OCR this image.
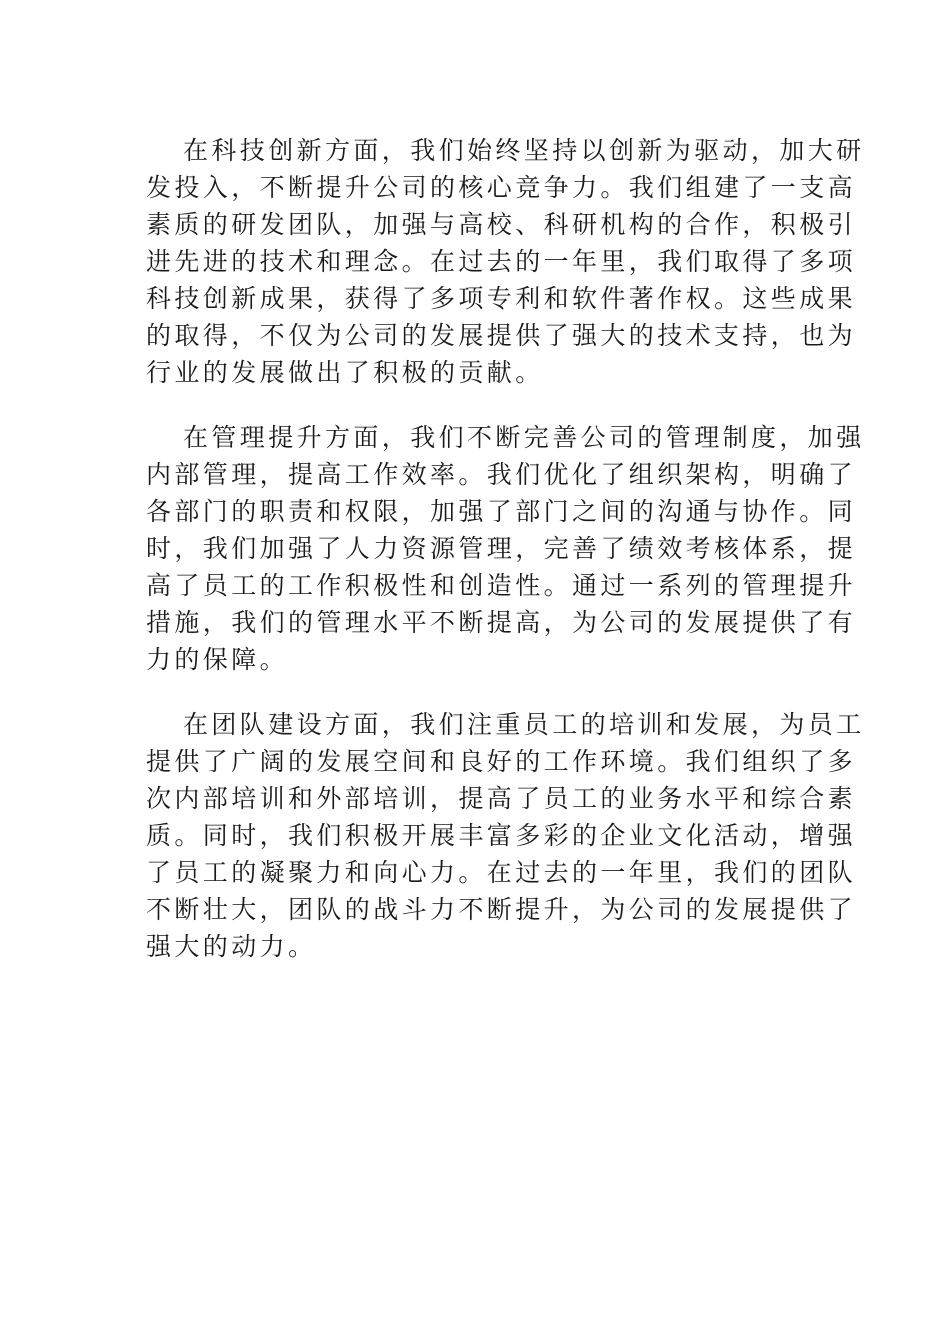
在科技创新方面，我们始终坚持以创新为驱动，加大研
发投入，不断提升公司的核心竞争力。我们组建了一支高
素质的研发团队，加强与高校、科研机构的合作，积极引
进先进的技术和理念。在过去的一年里，我们取得了多项
科技创新成果，获得了多项专利和软件著作权。这些成果
的取得，不仅为公司的发展提供了强大的技术支持，也为
行业的发展做出了积极的贡献。

在管理提升方面，我们不断完善公司的管理制度，加强
内部管理，提高工作效率。我们优化了组织架构，明确了
各部门的职责和权限，加强了部门之间的沟通与协作。同
时，我们加强了人力资源管理，完善了绩效考核体系，提
高了员工的工作积极性和创造性。通过一系列的管理提升
措施，我们的管理水平不断提高，为公司的发展提供了有
力的保障。

在团队建设方面，我们注重员工的培训和发展，为员工
提供了广阔的发展空间和良好的工作环境。我们组织了多
次内部培训和外部培训，提高了员工的业务水平和综合素
质。同时，我们积极开展丰富多彩的企业文化活动，增强
了员工的凝聚力和向心力。在过去的一年里，我们的团队
不断壮大，团队的战斗力不断提升，为公司的发展提供了
强大的动力。
